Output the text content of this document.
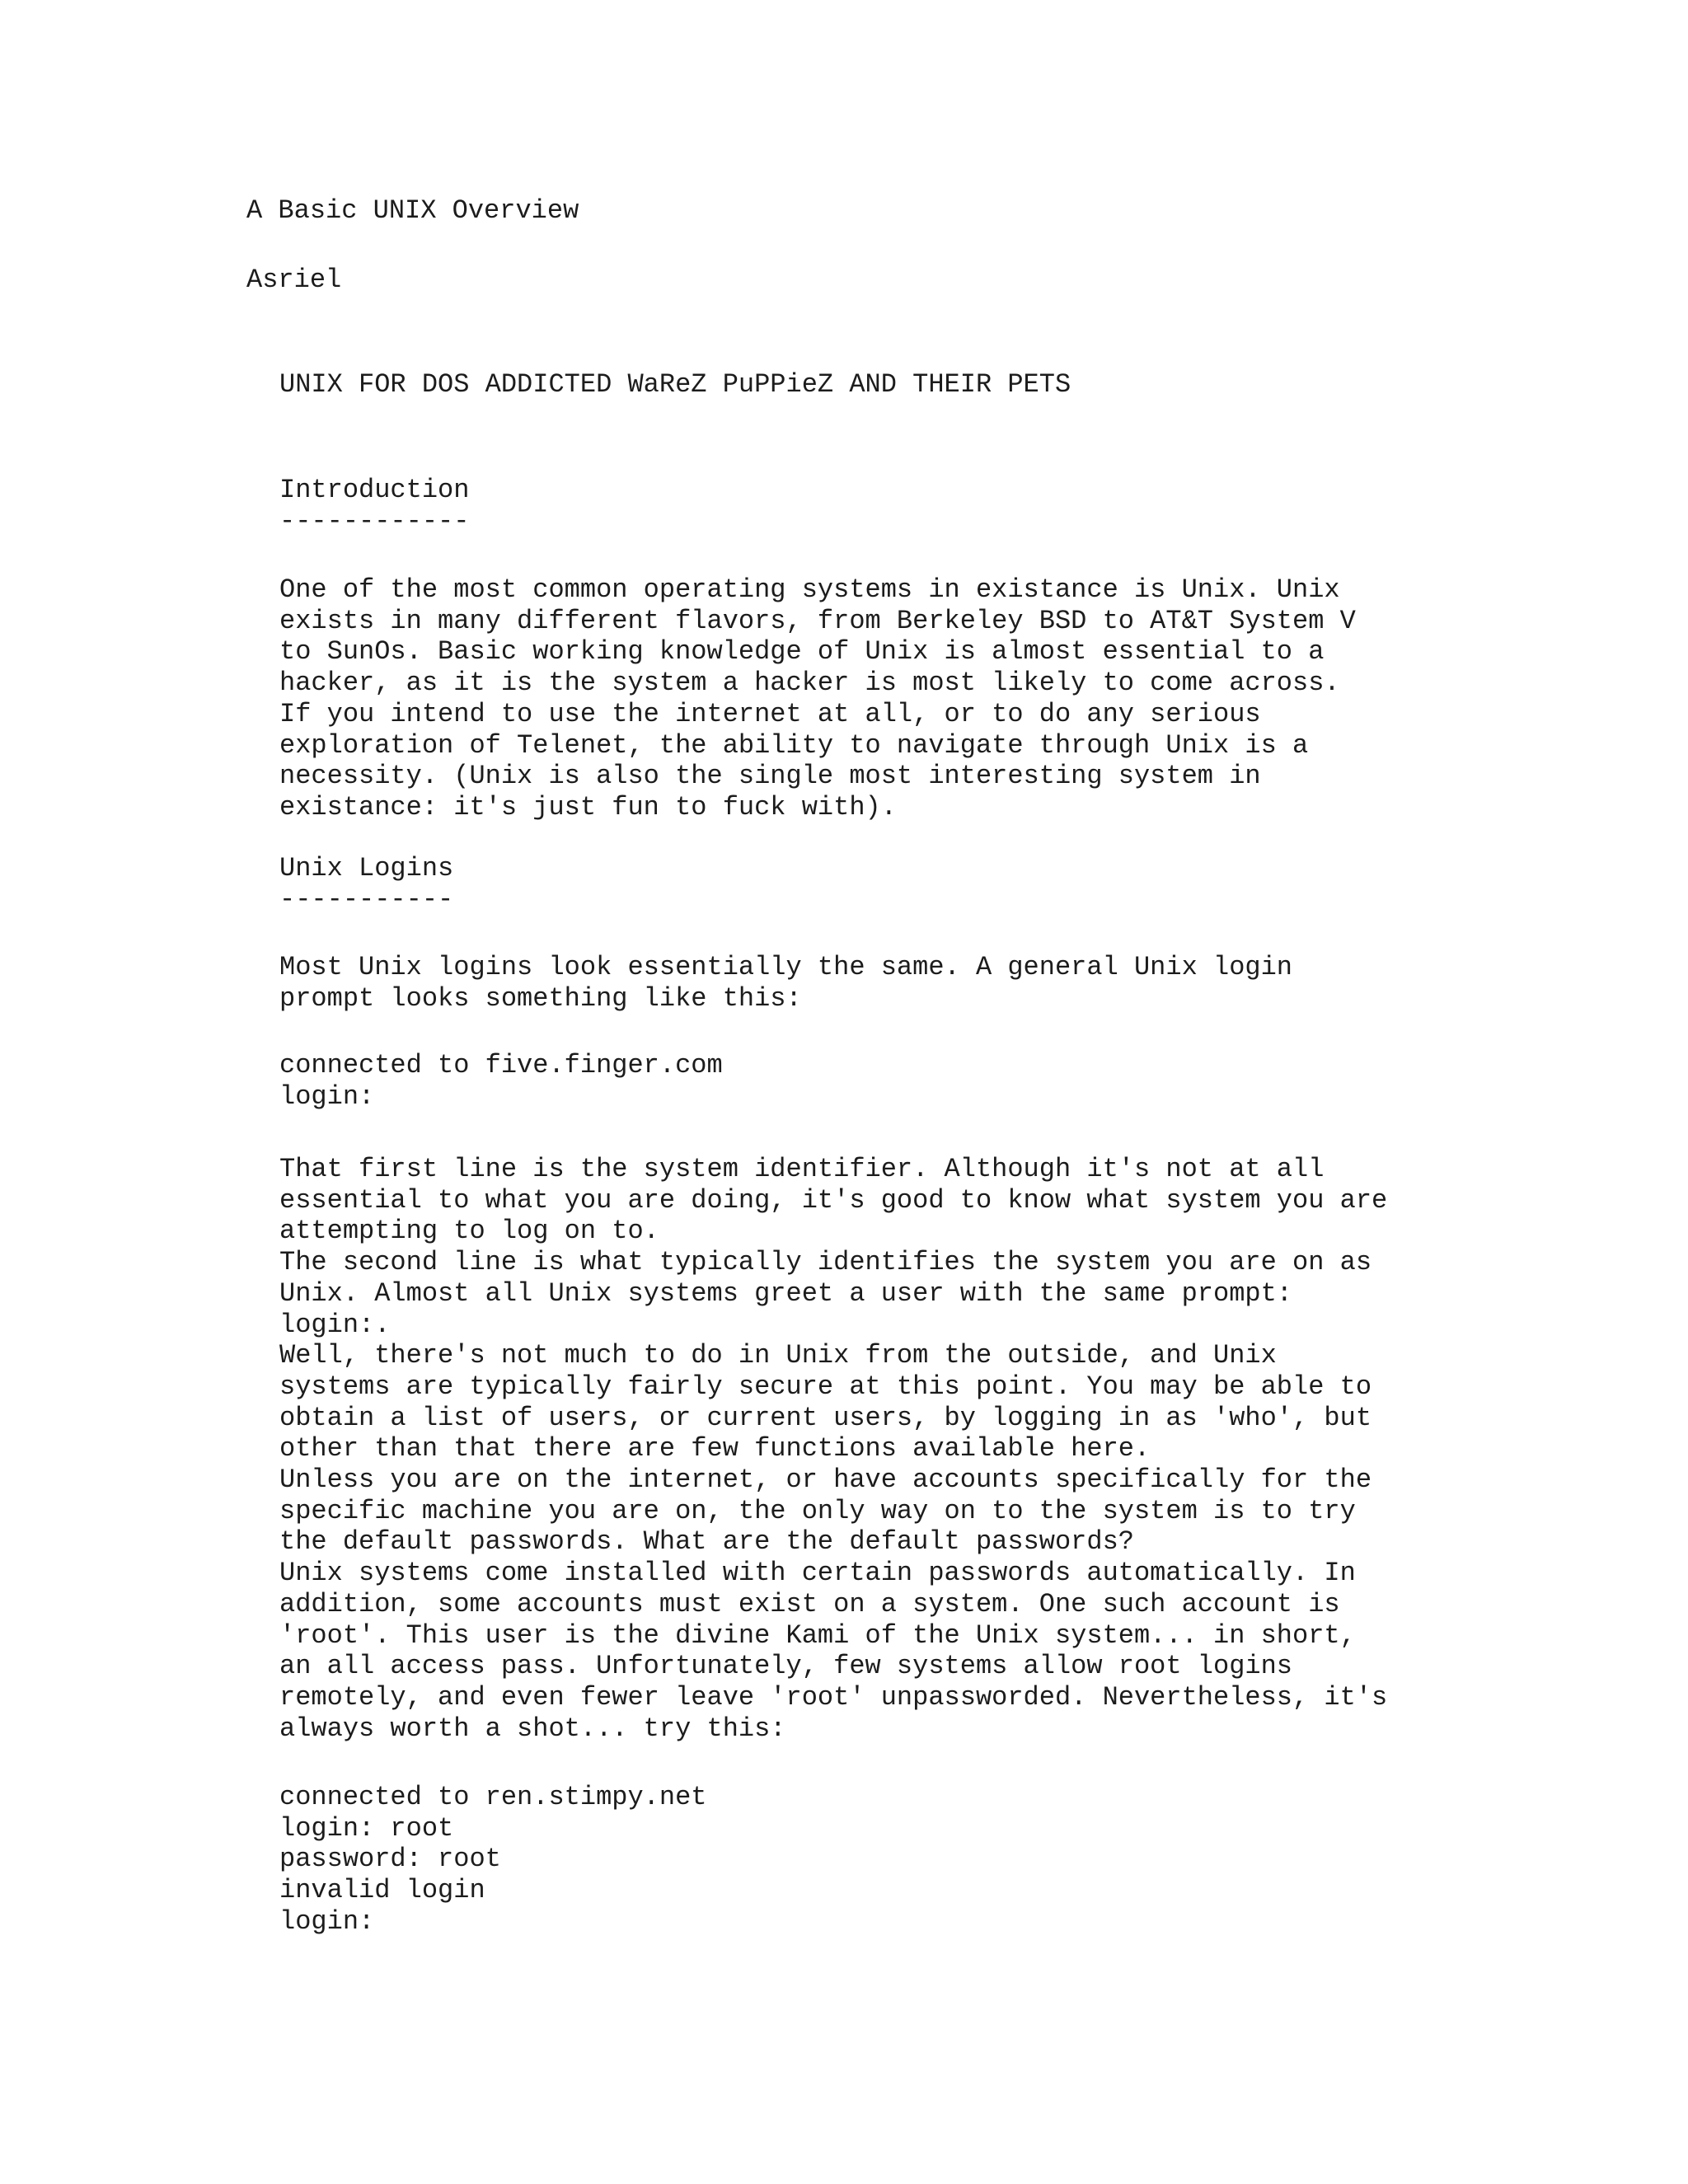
A Basic UNIX Overview
Asriel
UNIX FOR DOS ADDICTED WaReZ PuPPieZ AND THEIR PETS
Introduction
------------
One of the most common operating systems in existance is Unix. Unix
exists in many different flavors, from Berkeley BSD to AT&T System V
to SunOs. Basic working knowledge of Unix is almost essential to a
hacker, as it is the system a hacker is most likely to come across.
If you intend to use the internet at all, or to do any serious
exploration of Telenet, the ability to navigate through Unix is a
necessity. (Unix is also the single most interesting system in
existance: it's just fun to fuck with).
Unix Logins
-----------
Most Unix logins look essentially the same. A general Unix login
prompt looks something like this:
connected to five.finger.com
login:
That first line is the system identifier. Although it's not at all
essential to what you are doing, it's good to know what system you are
attempting to log on to.
The second line is what typically identifies the system you are on as
Unix. Almost all Unix systems greet a user with the same prompt:
login:.
Well, there's not much to do in Unix from the outside, and Unix
systems are typically fairly secure at this point. You may be able to
obtain a list of users, or current users, by logging in as 'who', but
other than that there are few functions available here.
Unless you are on the internet, or have accounts specifically for the
specific machine you are on, the only way on to the system is to try
the default passwords. What are the default passwords?
Unix systems come installed with certain passwords automatically. In
addition, some accounts must exist on a system. One such account is
'root'. This user is the divine Kami of the Unix system... in short,
an all access pass. Unfortunately, few systems allow root logins
remotely, and even fewer leave 'root' unpassworded. Nevertheless, it's
always worth a shot... try this:
connected to ren.stimpy.net
login: root
password: root
invalid login
login:
